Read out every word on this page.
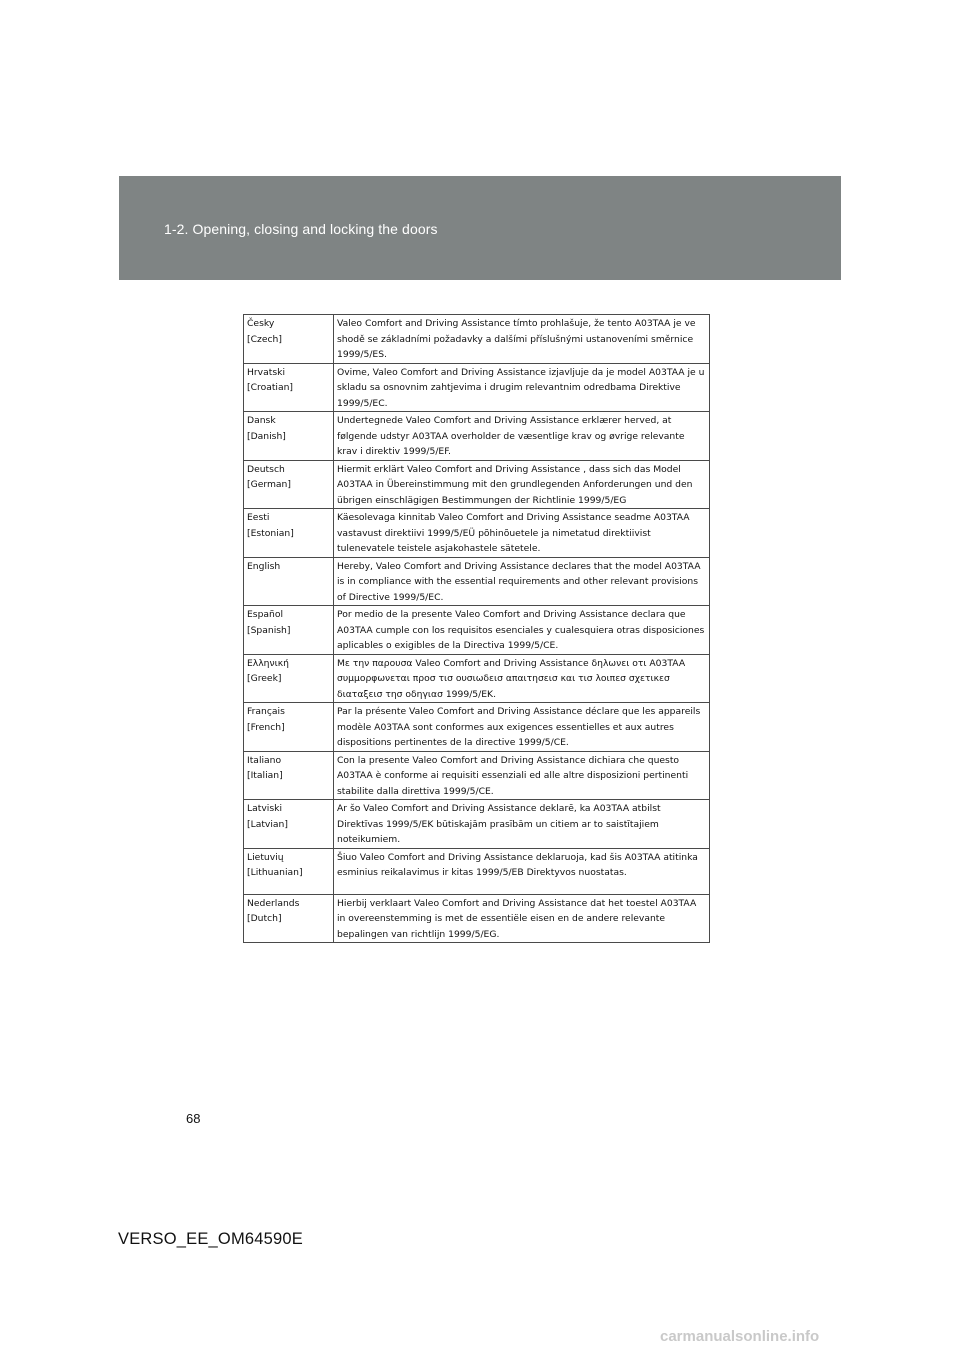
1-2. Opening, closing and locking the doors
Česky
[Czech]	Valeo Comfort and Driving Assistance tímto prohlašuje, že tento A03TAA je ve shodě se základními požadavky a dalšími příslušnými ustanoveními směrnice 1999/5/ES.

Hrvatski
[Croatian]	Ovime, Valeo Comfort and Driving Assistance izjavljuje da je model A03TAA je u skladu sa osnovnim zahtjevima i drugim relevantnim odredbama Direktive 1999/5/EC.

Dansk
[Danish]	Undertegnede Valeo Comfort and Driving Assistance erklærer herved, at følgende udstyr A03TAA overholder de væsentlige krav og øvrige relevante krav i direktiv 1999/5/EF.

Deutsch
[German]	Hiermit erklärt Valeo Comfort and Driving Assistance , dass sich das Model A03TAA in Übereinstimmung mit den grundlegenden Anforderungen und den übrigen einschlägigen Bestimmungen der Richtlinie 1999/5/EG

Eesti
[Estonian]	Käesolevaga kinnitab Valeo Comfort and Driving Assistance seadme A03TAA vastavust direktiivi 1999/5/EÜ põhinõuetele ja nimetatud direktiivist tulenevatele teistele asjakohastele sätetele.

English	Hereby, Valeo Comfort and Driving Assistance declares that the model A03TAA is in compliance with the essential requirements and other relevant provisions of Directive 1999/5/EC.

Español
[Spanish]	Por medio de la presente Valeo Comfort and Driving Assistance declara que A03TAA cumple con los requisitos esenciales y cualesquiera otras disposiciones aplicables o exigibles de la Directiva 1999/5/CE.

Ελληνική
[Greek]	Με την παρουσα Valeo Comfort and Driving Assistance δηλωνει οτι A03TAA συμμορφωνεται προσ τισ ουσιωδεισ απαιτησεισ και τισ λοιπεσ σχετικεσ διαταξεισ τησ οδηγιασ 1999/5/ΕΚ.

Français
[French]	Par la présente Valeo Comfort and Driving Assistance déclare que les appareils modèle A03TAA sont conformes aux exigences essentielles et aux autres dispositions pertinentes de la directive 1999/5/CE.

Italiano
[Italian]	Con la presente Valeo Comfort and Driving Assistance dichiara che questo A03TAA è conforme ai requisiti essenziali ed alle altre disposizioni pertinenti stabilite dalla direttiva 1999/5/CE.

Latviski
[Latvian]	Ar šo Valeo Comfort and Driving Assistance deklarē, ka A03TAA atbilst Direktīvas 1999/5/EK būtiskajām prasībām un citiem ar to saistītajiem noteikumiem.

Lietuvių
[Lithuanian]	Šiuo Valeo Comfort and Driving Assistance deklaruoja, kad šis A03TAA atitinka esminius reikalavimus ir kitas 1999/5/EB Direktyvos nuostatas.

Nederlands
[Dutch]	Hierbij verklaart Valeo Comfort and Driving Assistance dat het toestel A03TAA in overeenstemming is met de essentiële eisen en de andere relevante bepalingen van richtlijn 1999/5/EG.
68
VERSO_EE_OM64590E
carmanualsonline.info
